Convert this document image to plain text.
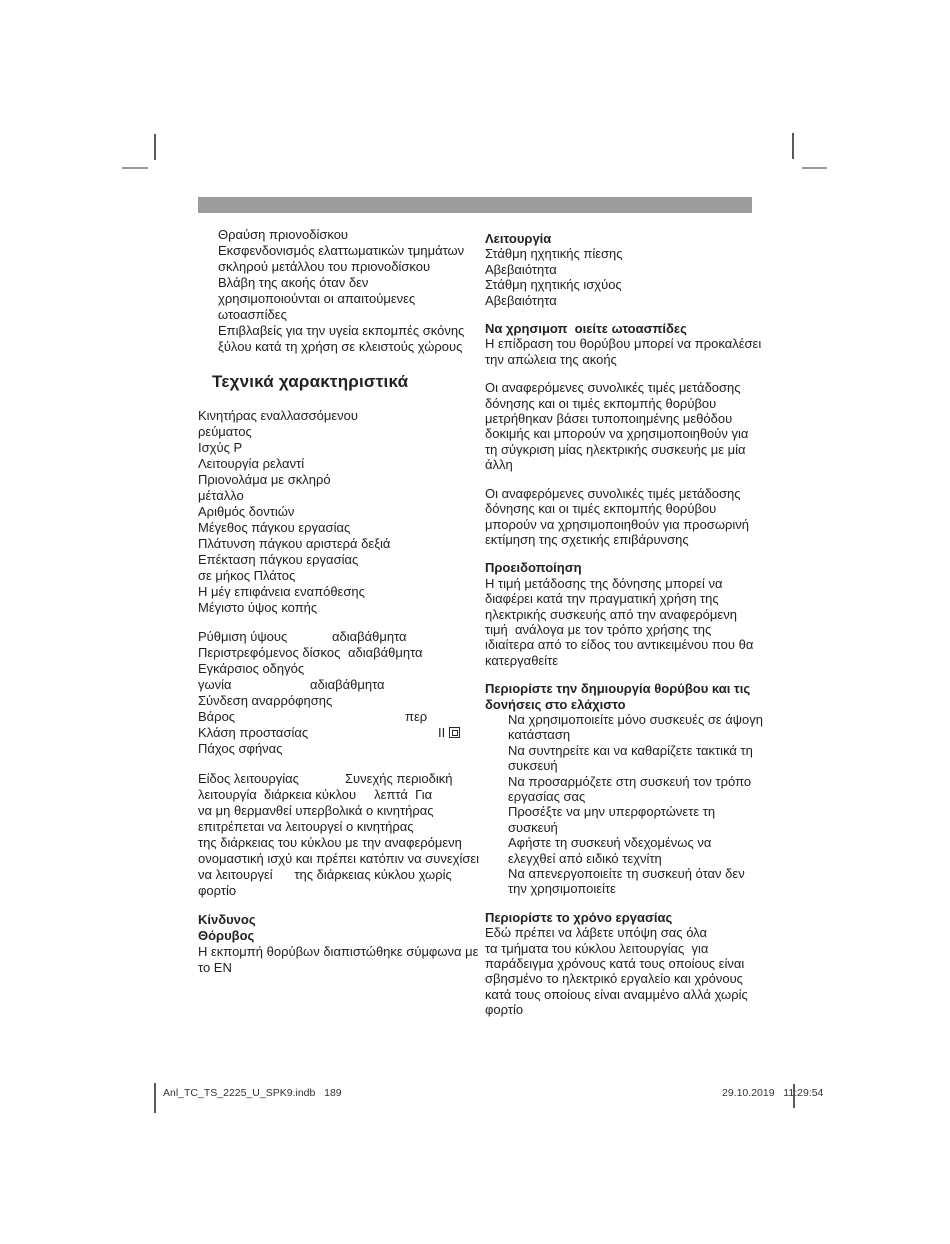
Θραύση πριονοδίσκου
Εκσφενδονισμός ελαττωματικών τμημάτων
σκληρού μετάλλου του πριονοδίσκου
Βλάβη της ακοής όταν δεν
χρησιμοποιούνται οι απαιτούμενες
ωτοασπίδες
Επιβλαβείς για την υγεία εκπομπές σκόνης
ξύλου κατά τη χρήση σε κλειστούς χώρους
Τεχνικά χαρακτηριστικά
Κινητήρας εναλλασσόμενου
ρεύματος
Ισχύς P
Λειτουργία ρελαντί
Πριονολάμα με σκληρό
μέταλλο
Αριθμός δοντιών
Μέγεθος πάγκου εργασίας
Πλάτυνση πάγκου αριστερά δεξιά
Επέκταση πάγκου εργασίας
σε μήκος Πλάτος
Η μέγ επιφάνεια εναπόθεσης
Μέγιστο ύψος κοπής
Ρύθμιση ύψους	αδιαβάθμητα
Περιστρεφόμενος δίσκος αδιαβάθμητα
Εγκάρσιος οδηγός
γωνία	αδιαβάθμητα
Σύνδεση αναρρόφησης
Βάρος	περ
Κλάση προστασίας	II
Πάχος σφήνας
Είδος λειτουργίας	Συνεχής περιοδική
λειτουργία  διάρκεια κύκλου     λεπτά  Για
να μη θερμανθεί υπερβολικά ο κινητήρας
επιτρέπεται να λειτουργεί ο κινητήρας
της διάρκειας του κύκλου με την αναφερόμενη
ονομαστική ισχύ και πρέπει κατόπιν να συνεχίσει
να λειτουργεί      της διάρκειας κύκλου χωρίς
φορτίο
Κίνδυνος
Θόρυβος
Η εκπομπή θορύβων διαπιστώθηκε σύμφωνα με
το EN
Λειτουργία
Στάθμη ηχητικής πίεσης
Αβεβαιότητα
Στάθμη ηχητικής ισχύος
Αβεβαιότητα
Να χρησιμοπ  οιείτε ωτοασπίδες
Η επίδραση του θορύβου μπορεί να προκαλέσει
την απώλεια της ακοής
Οι αναφερόμενες συνολικές τιμές μετάδοσης
δόνησης και οι τιμές εκπομπής θορύβου
μετρήθηκαν βάσει τυποποιημένης μεθόδου
δοκιμής και μπορούν να χρησιμοποιηθούν για
τη σύγκριση μίας ηλεκτρικής συσκευής με μία
άλλη
Οι αναφερόμενες συνολικές τιμές μετάδοσης
δόνησης και οι τιμές εκπομπής θορύβου
μπορούν να χρησιμοποιηθούν για προσωρινή
εκτίμηση της σχετικής επιβάρυνσης
Προειδοποίηση
Η τιμή μετάδοσης της δόνησης μπορεί να
διαφέρει κατά την πραγματική χρήση της
ηλεκτρικής συσκευής από την αναφερόμενη
τιμή  ανάλογα με τον τρόπο χρήσης της
ιδιαίτερα από το είδος του αντικειμένου που θα
κατεργαθείτε
Περιορίστε την δημιουργία θορύβου και τις
δονήσεις στο ελάχιστο
Να χρησιμοποιείτε μόνο συσκευές σε άψογη
κατάσταση
Να συντηρείτε και να καθαρίζετε τακτικά τη
συκσευή
Να προσαρμόζετε στη συσκευή τον τρόπο
εργασίας σας
Προσέξτε να μην υπερφορτώνετε τη
συσκευή
Αφήστε τη συσκευή νδεχομένως να
ελεγχθεί από ειδικό τεχνίτη
Να απενεργοποιείτε τη συσκευή όταν δεν
την χρησιμοποιείτε
Περιορίστε το χρόνο εργασίας
Εδώ πρέπει να λάβετε υπόψη σας όλα
τα τμήματα του κύκλου λειτουργίας  για
παράδειγμα χρόνους κατά τους οποίους είναι
σβησμένο το ηλεκτρικό εργαλείο και χρόνους
κατά τους οποίους είναι αναμμένο αλλά χωρίς
φορτίο

Anl_TC_TS_2225_U_SPK9.indb   189

	29.10.2019   11:29:54
